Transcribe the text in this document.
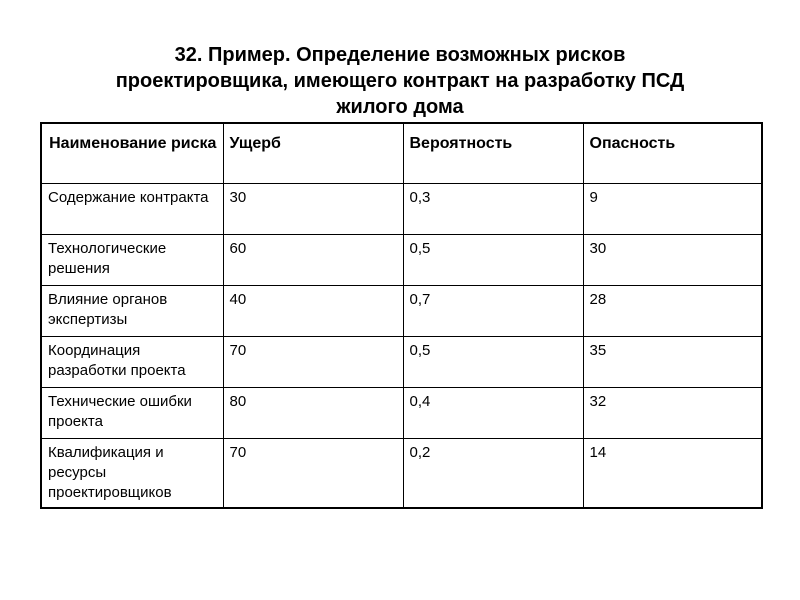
32. Пример. Определение возможных рисков
проектировщика, имеющего контракт на разработку ПСД
жилого дома
Наименование риска	Ущерб	Вероятность	Опасность
Содержание контракта	30	0,3	9
Технологические решения	60	0,5	30
Влияние органов экспертизы	40	0,7	28
Координация разработки проекта	70	0,5	35
Технические ошибки проекта	80	0,4	32
Квалификация и ресурсы проектировщиков	70	0,2	14
